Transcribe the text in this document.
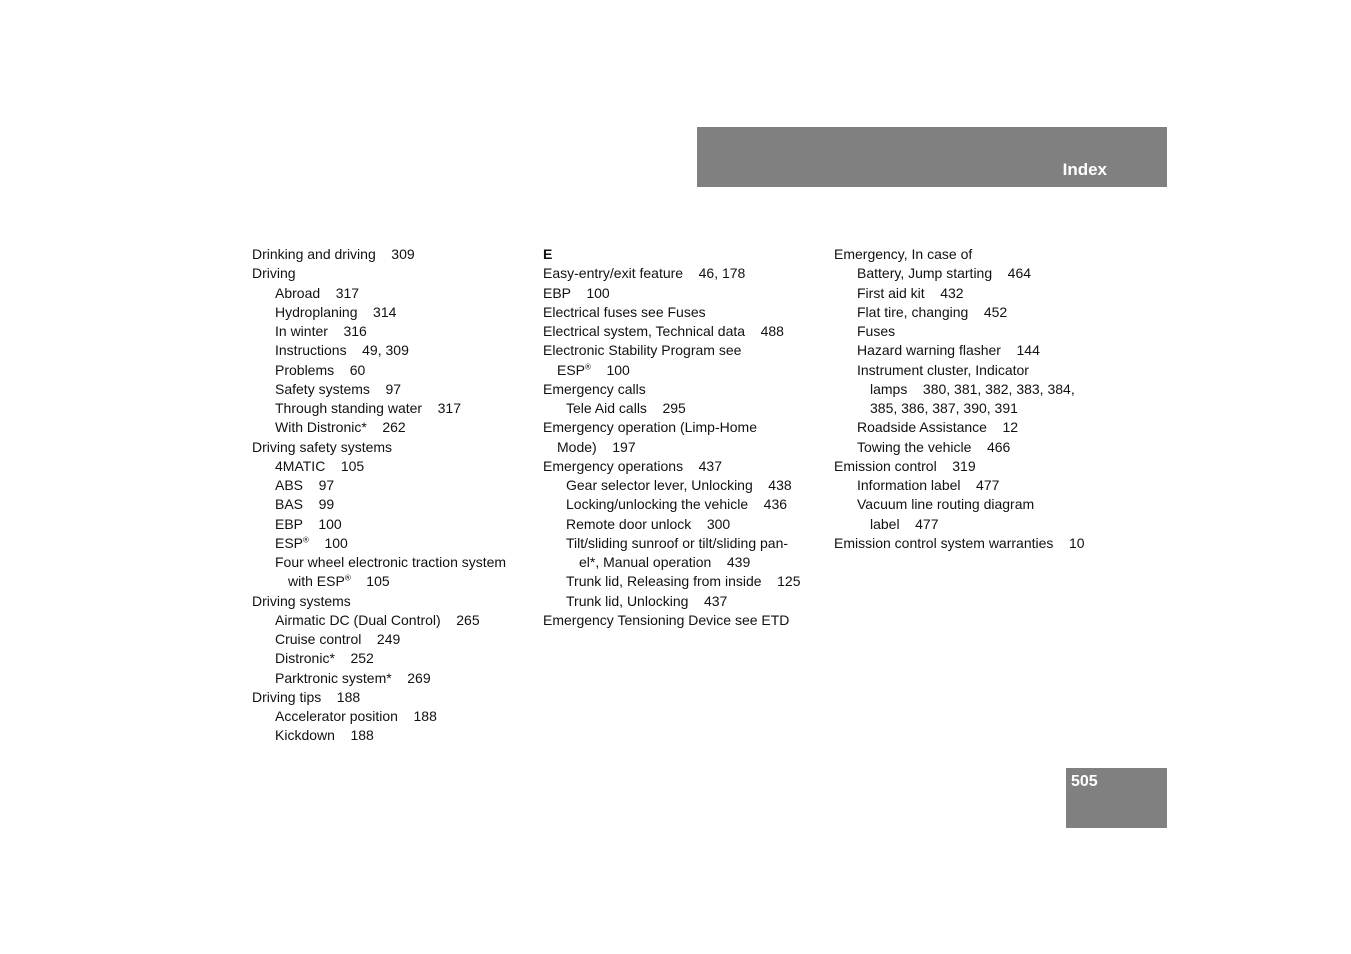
Index
Drinking and driving    309
Driving
Abroad    317
Hydroplaning    314
In winter    316
Instructions    49, 309
Problems    60
Safety systems    97
Through standing water    317
With Distronic*    262
Driving safety systems
4MATIC    105
ABS    97
BAS    99
EBP    100
ESP®    100
Four wheel electronic traction system
with ESP®    105
Driving systems
Airmatic DC (Dual Control)    265
Cruise control    249
Distronic*    252
Parktronic system*    269
Driving tips    188
Accelerator position    188
Kickdown    188
E
Easy-entry/exit feature    46, 178
EBP    100
Electrical fuses see Fuses
Electrical system, Technical data    488
Electronic Stability Program see
ESP®    100
Emergency calls
Tele Aid calls    295
Emergency operation (Limp-Home
Mode)    197
Emergency operations    437
Gear selector lever, Unlocking    438
Locking/unlocking the vehicle    436
Remote door unlock    300
Tilt/sliding sunroof or tilt/sliding pan-
el*, Manual operation    439
Trunk lid, Releasing from inside    125
Trunk lid, Unlocking    437
Emergency Tensioning Device see ETD
Emergency, In case of
Battery, Jump starting    464
First aid kit    432
Flat tire, changing    452
Fuses
Hazard warning flasher    144
Instrument cluster, Indicator
lamps    380, 381, 382, 383, 384,
385, 386, 387, 390, 391
Roadside Assistance    12
Towing the vehicle    466
Emission control    319
Information label    477
Vacuum line routing diagram
label    477
Emission control system warranties    10
505
